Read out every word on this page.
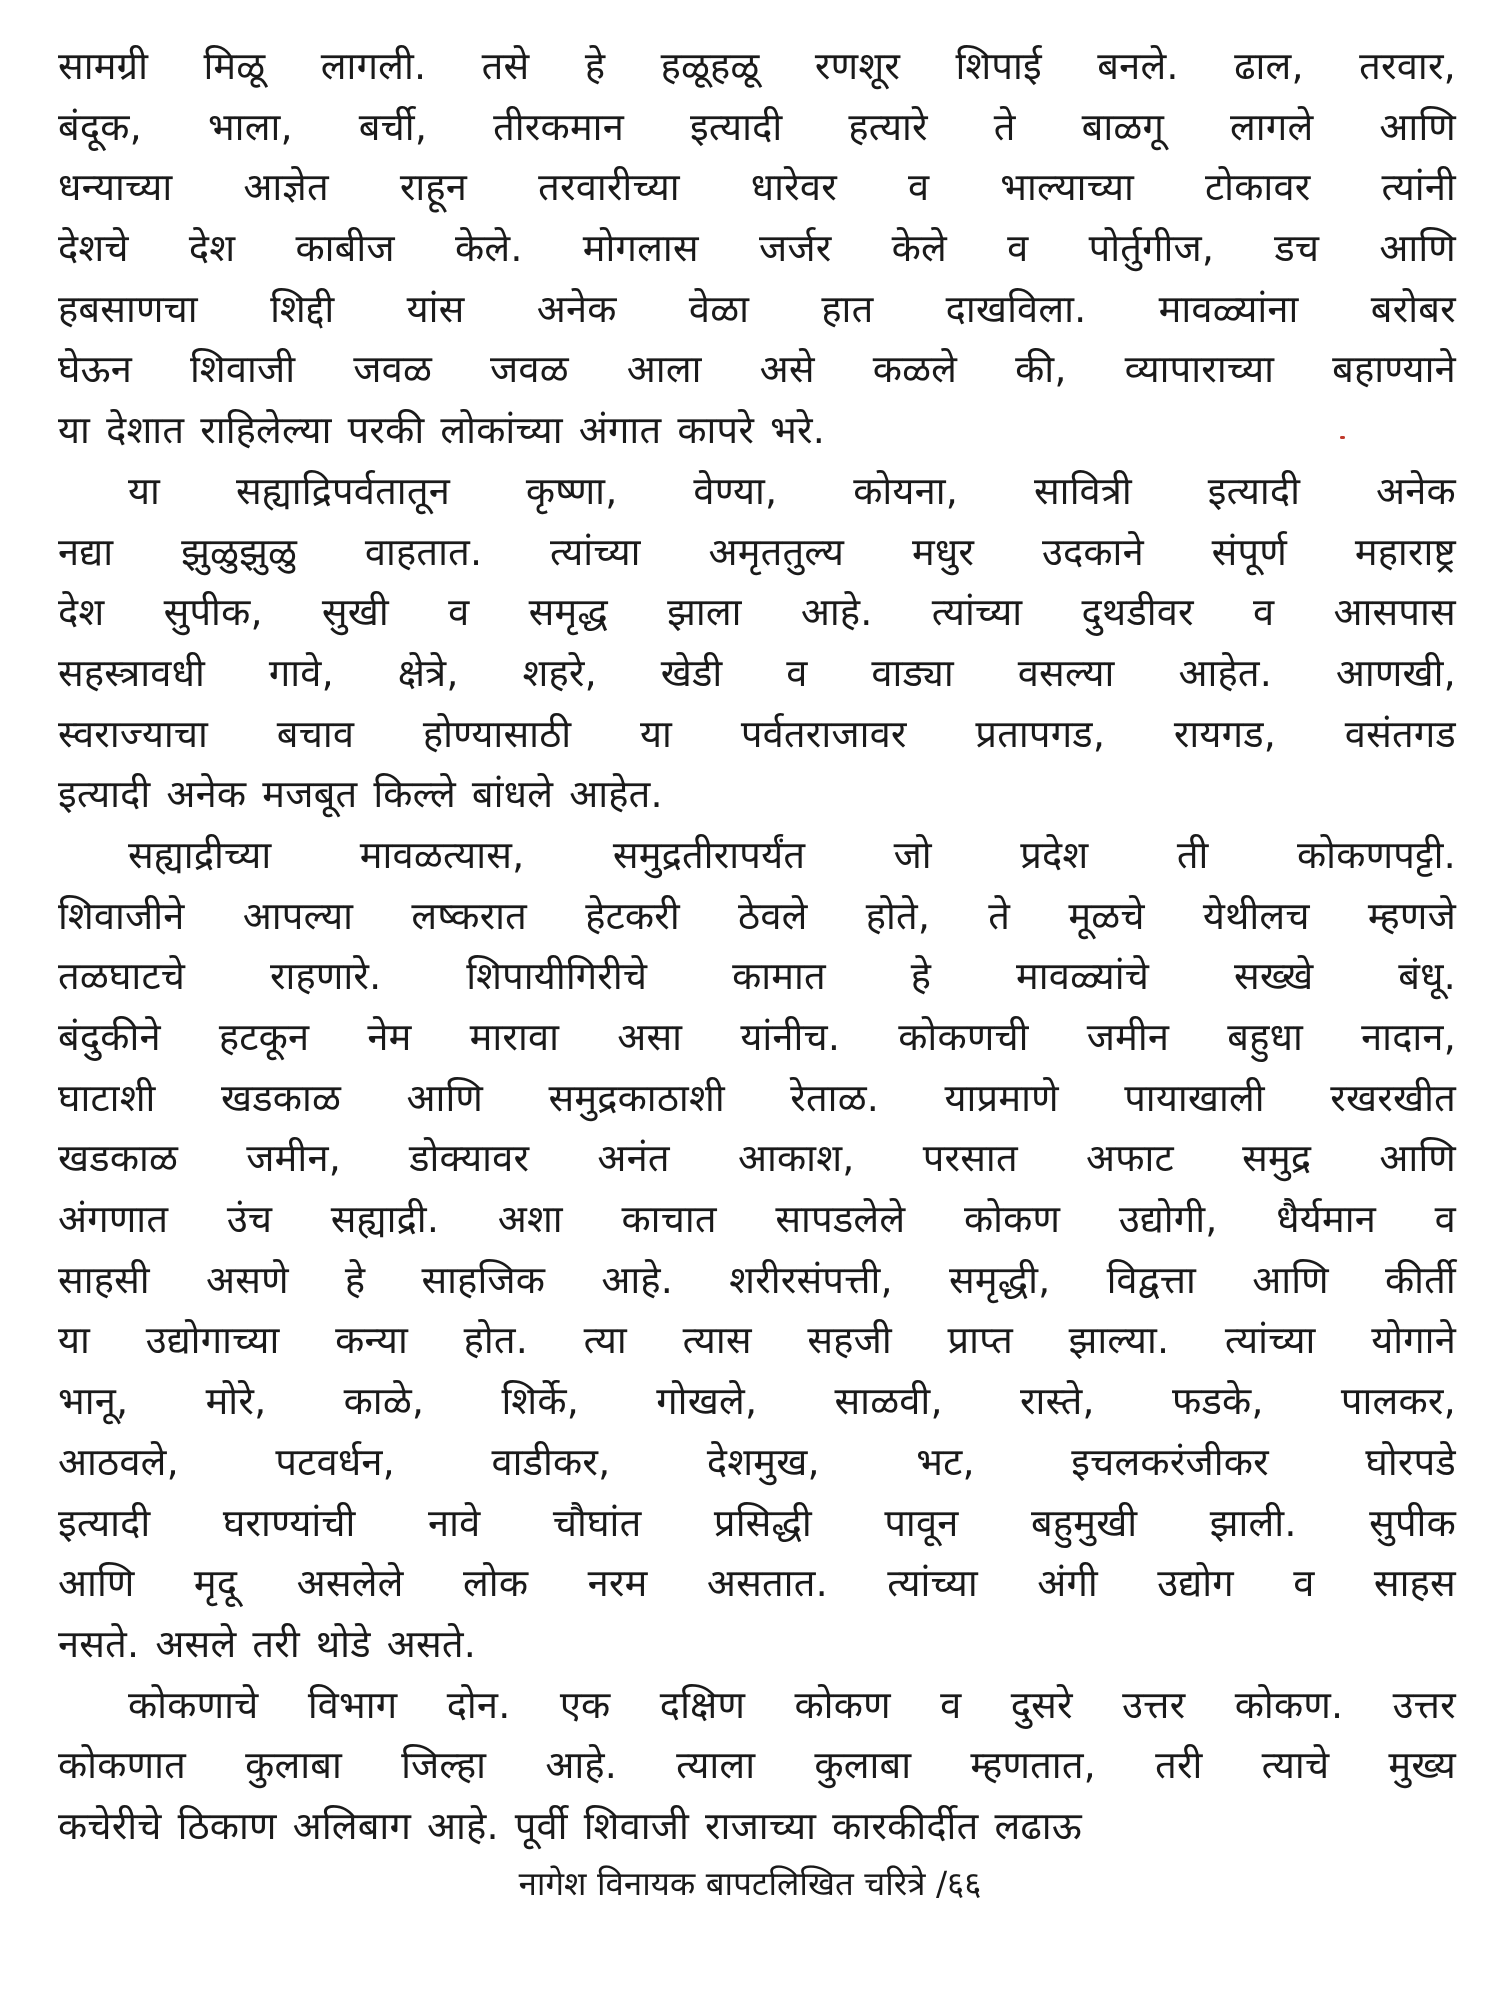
सामग्री मिळू लागली. तसे हे हळूहळू रणशूर शिपाई बनले. ढाल, तरवार,
बंदूक, भाला, बर्ची, तीरकमान इत्यादी हत्यारे ते बाळगू लागले आणि
धन्याच्या आज्ञेत राहून तरवारीच्या धारेवर व भाल्याच्या टोकावर त्यांनी
देशचे देश काबीज केले. मोगलास जर्जर केले व पोर्तुगीज, डच आणि
हबसाणचा शिद्दी यांस अनेक वेळा हात दाखविला. मावळ्यांना बरोबर
घेऊन शिवाजी जवळ जवळ आला असे कळले की, व्यापाराच्या बहाण्याने
या देशात राहिलेल्या परकी लोकांच्या अंगात कापरे भरे.
या सह्याद्रिपर्वतातून कृष्णा, वेण्या, कोयना, सावित्री इत्यादी अनेक
नद्या झुळुझुळु वाहतात. त्यांच्या अमृततुल्य मधुर उदकाने संपूर्ण महाराष्ट्र
देश सुपीक, सुखी व समृद्ध झाला आहे. त्यांच्या दुथडीवर व आसपास
सहस्त्रावधी गावे, क्षेत्रे, शहरे, खेडी व वाड्या वसल्या आहेत. आणखी,
स्वराज्याचा बचाव होण्यासाठी या पर्वतराजावर प्रतापगड, रायगड, वसंतगड
इत्यादी अनेक मजबूत किल्ले बांधले आहेत.
सह्याद्रीच्या मावळत्यास, समुद्रतीरापर्यंत जो प्रदेश ती कोकणपट्टी.
शिवाजीने आपल्या लष्करात हेटकरी ठेवले होते, ते मूळचे येथीलच म्हणजे
तळघाटचे राहणारे. शिपायीगिरीचे कामात हे मावळ्यांचे सख्खे बंधू.
बंदुकीने हटकून नेम मारावा असा यांनीच. कोकणची जमीन बहुधा नादान,
घाटाशी खडकाळ आणि समुद्रकाठाशी रेताळ. याप्रमाणे पायाखाली रखरखीत
खडकाळ जमीन, डोक्यावर अनंत आकाश, परसात अफाट समुद्र आणि
अंगणात उंच सह्याद्री. अशा काचात सापडलेले कोकण उद्योगी, धैर्यमान व
साहसी असणे हे साहजिक आहे. शरीरसंपत्ती, समृद्धी, विद्वत्ता आणि कीर्ती
या उद्योगाच्या कन्या होत. त्या त्यास सहजी प्राप्त झाल्या. त्यांच्या योगाने
भानू, मोरे, काळे, शिर्के, गोखले, साळवी, रास्ते, फडके, पालकर,
आठवले,	पटवर्धन,	वाडीकर,	देशमुख,	भट,	इचलकरंजीकर	घोरपडे
इत्यादी घराण्यांची नावे चौघांत प्रसिद्धी पावून बहुमुखी झाली. सुपीक
आणि मृदू असलेले लोक नरम असतात. त्यांच्या अंगी उद्योग व साहस
नसते. असले तरी थोडे असते.
कोकणाचे विभाग दोन. एक दक्षिण कोकण व दुसरे उत्तर कोकण. उत्तर
कोकणात कुलाबा जिल्हा आहे. त्याला कुलाबा म्हणतात, तरी त्याचे मुख्य
कचेरीचे ठिकाण अलिबाग आहे. पूर्वी शिवाजी राजाच्या कारकीर्दीत लढाऊ
नागेश विनायक बापटलिखित चरित्रे /६६
